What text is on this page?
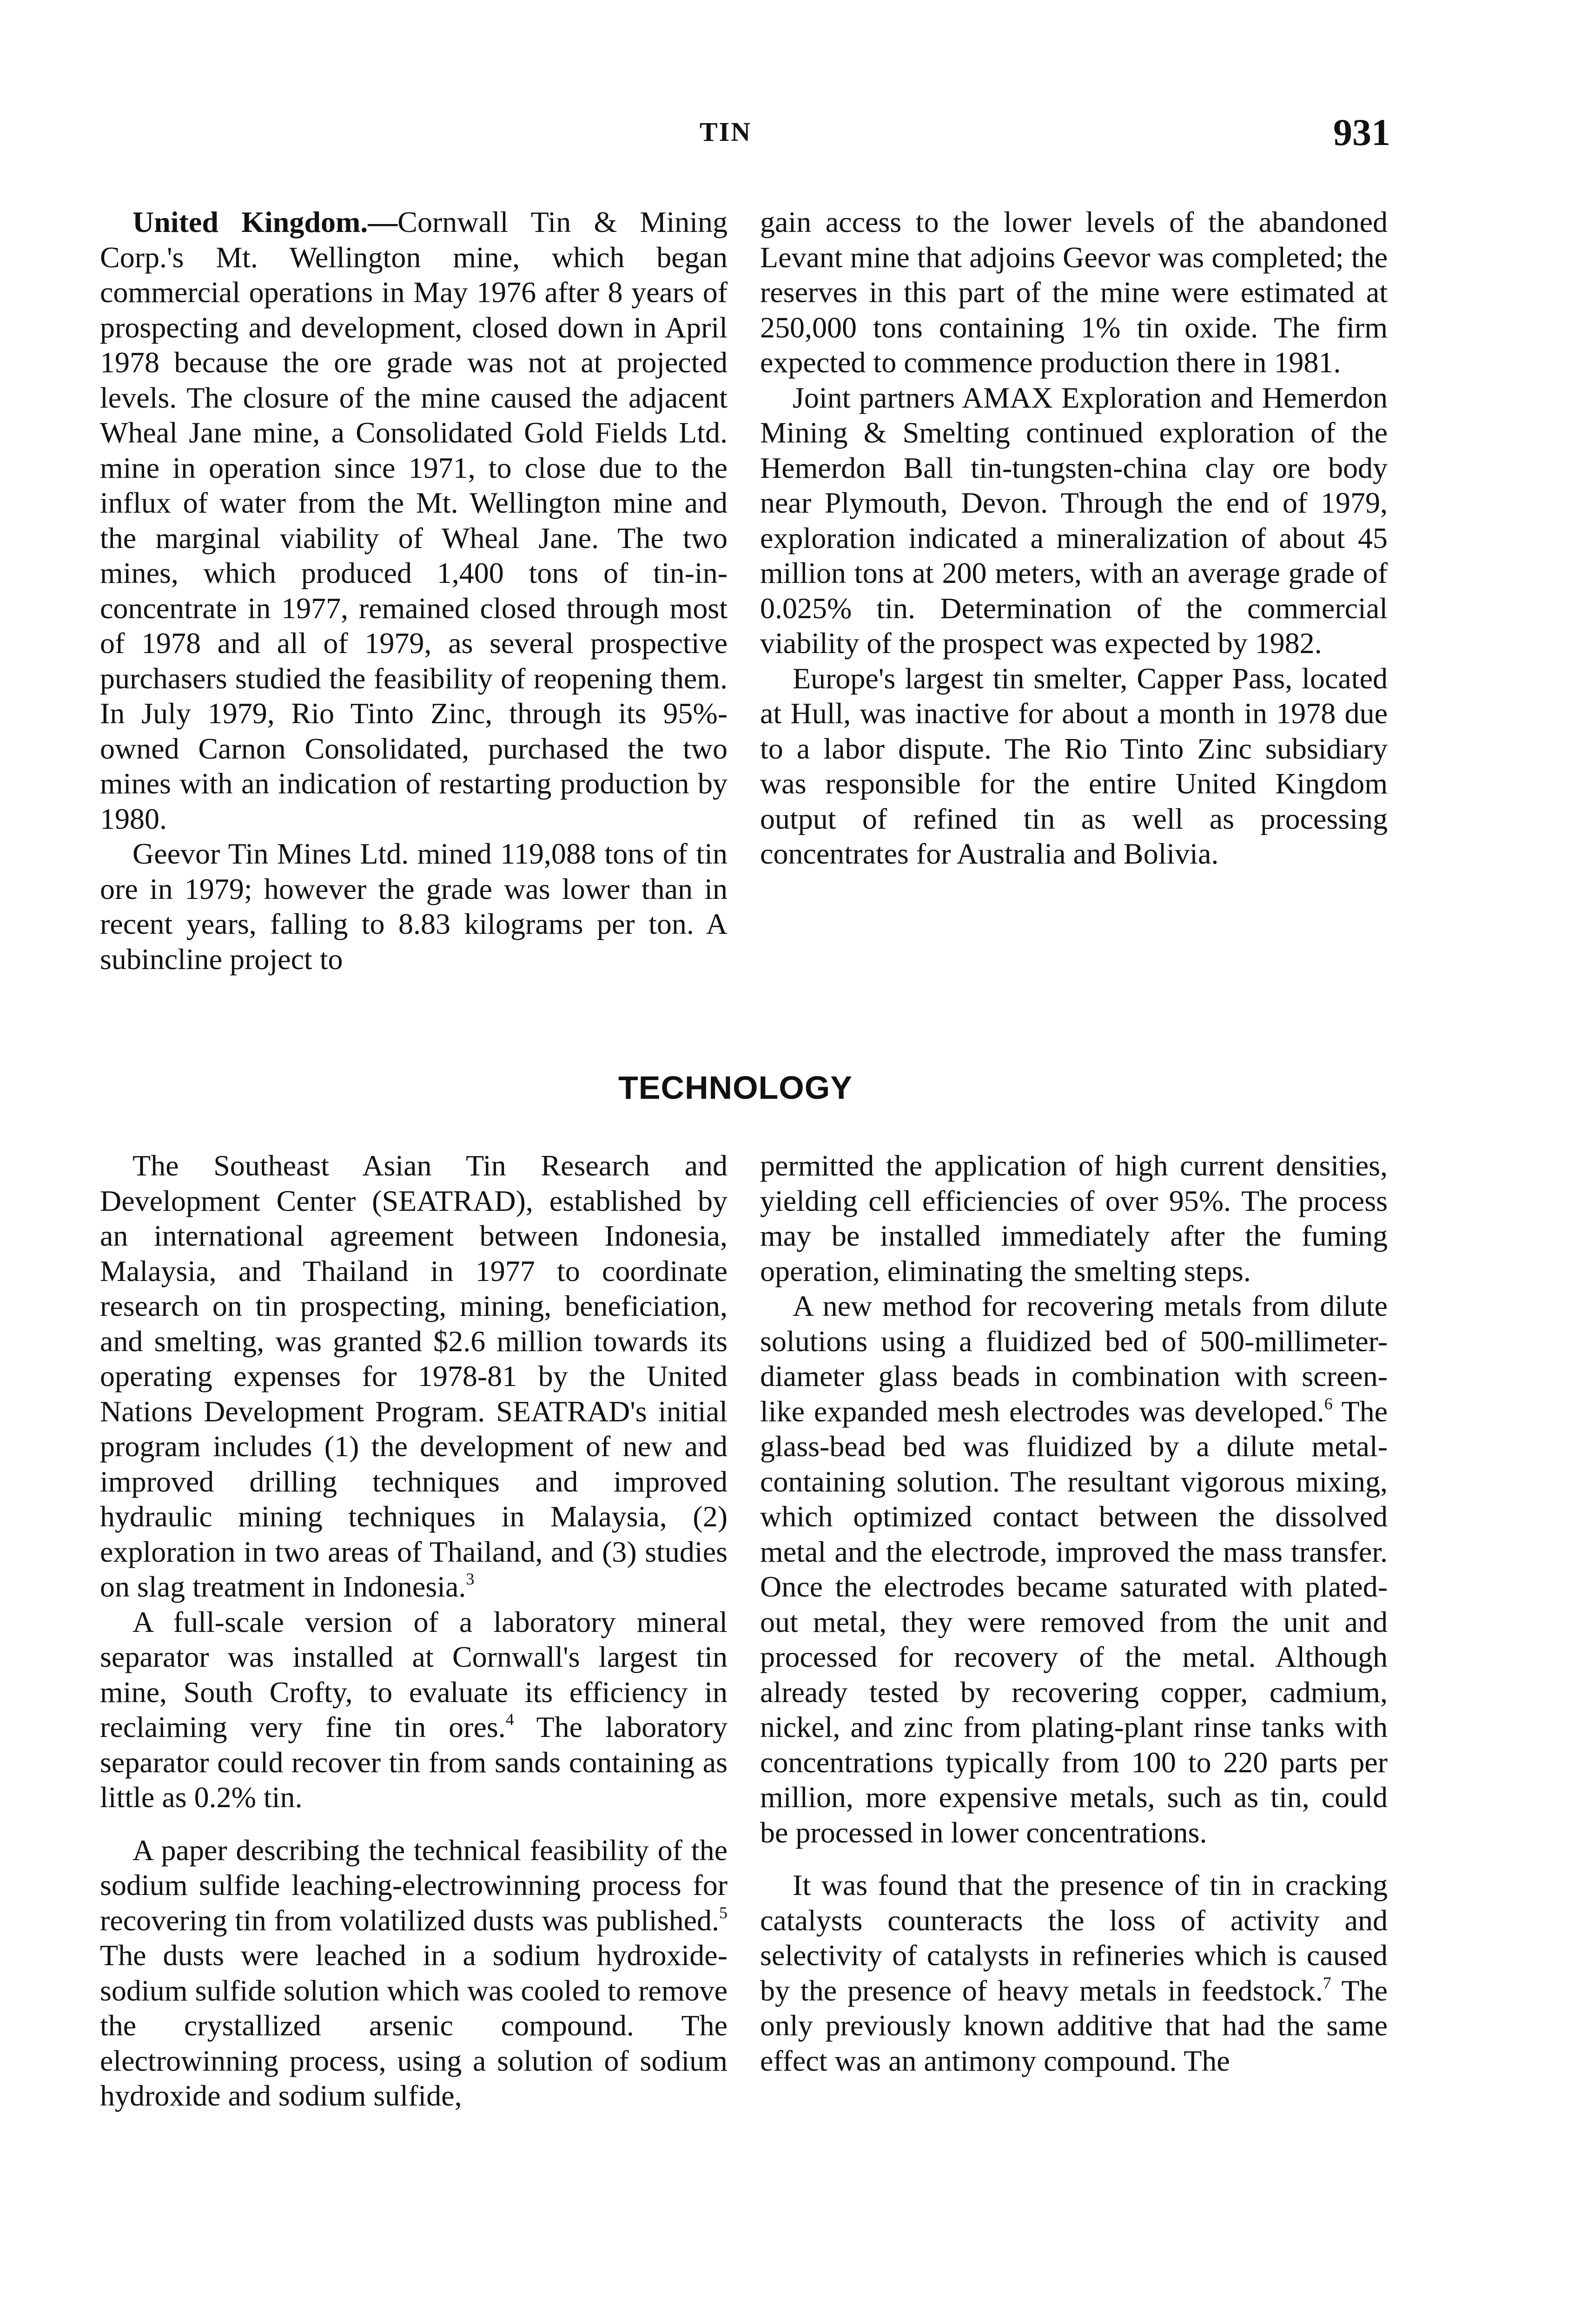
TIN	931

United Kingdom.—Cornwall Tin & Mining Corp.'s Mt. Wellington mine, which began commercial operations in May 1976 after 8 years of prospecting and development, closed down in April 1978 because the ore grade was not at projected levels. The closure of the mine caused the adjacent Wheal Jane mine, a Consolidated Gold Fields Ltd. mine in operation since 1971, to close due to the influx of water from the Mt. Wellington mine and the marginal viability of Wheal Jane. The two mines, which produced 1,400 tons of tin-in-concentrate in 1977, remained closed through most of 1978 and all of 1979, as several prospective purchasers studied the feasibility of reopening them. In July 1979, Rio Tinto Zinc, through its 95%-owned Carnon Consolidated, purchased the two mines with an indication of restarting production by 1980.

Geevor Tin Mines Ltd. mined 119,088 tons of tin ore in 1979; however the grade was lower than in recent years, falling to 8.83 kilograms per ton. A subincline project to

gain access to the lower levels of the abandoned Levant mine that adjoins Geevor was completed; the reserves in this part of the mine were estimated at 250,000 tons containing 1% tin oxide. The firm expected to commence production there in 1981.

Joint partners AMAX Exploration and Hemerdon Mining & Smelting continued exploration of the Hemerdon Ball tin-tungsten-china clay ore body near Plymouth, Devon. Through the end of 1979, exploration indicated a mineralization of about 45 million tons at 200 meters, with an average grade of 0.025% tin. Determination of the commercial viability of the prospect was expected by 1982.

Europe's largest tin smelter, Capper Pass, located at Hull, was inactive for about a month in 1978 due to a labor dispute. The Rio Tinto Zinc subsidiary was responsible for the entire United Kingdom output of refined tin as well as processing concentrates for Australia and Bolivia.

TECHNOLOGY

The Southeast Asian Tin Research and Development Center (SEATRAD), established by an international agreement between Indonesia, Malaysia, and Thailand in 1977 to coordinate research on tin prospecting, mining, beneficiation, and smelting, was granted $2.6 million towards its operating expenses for 1978-81 by the United Nations Development Program. SEATRAD's initial program includes (1) the development of new and improved drilling techniques and improved hydraulic mining techniques in Malaysia, (2) exploration in two areas of Thailand, and (3) studies on slag treatment in Indonesia.$^3$

A full-scale version of a laboratory mineral separator was installed at Cornwall's largest tin mine, South Crofty, to evaluate its efficiency in reclaiming very fine tin ores.$^4$ The laboratory separator could recover tin from sands containing as little as 0.2% tin.

A paper describing the technical feasibility of the sodium sulfide leaching-electrowinning process for recovering tin from volatilized dusts was published.$^5$ The dusts were leached in a sodium hydroxide-sodium sulfide solution which was cooled to remove the crystallized arsenic compound. The electrowinning process, using a solution of sodium hydroxide and sodium sulfide,

permitted the application of high current densities, yielding cell efficiencies of over 95%. The process may be installed immediately after the fuming operation, eliminating the smelting steps.

A new method for recovering metals from dilute solutions using a fluidized bed of 500-millimeter-diameter glass beads in combination with screen-like expanded mesh electrodes was developed.$^6$ The glass-bead bed was fluidized by a dilute metal-containing solution. The resultant vigorous mixing, which optimized contact between the dissolved metal and the electrode, improved the mass transfer. Once the electrodes became saturated with plated-out metal, they were removed from the unit and processed for recovery of the metal. Although already tested by recovering copper, cadmium, nickel, and zinc from plating-plant rinse tanks with concentrations typically from 100 to 220 parts per million, more expensive metals, such as tin, could be processed in lower concentrations.

It was found that the presence of tin in cracking catalysts counteracts the loss of activity and selectivity of catalysts in refineries which is caused by the presence of heavy metals in feedstock.$^7$ The only previously known additive that had the same effect was an antimony compound. The
